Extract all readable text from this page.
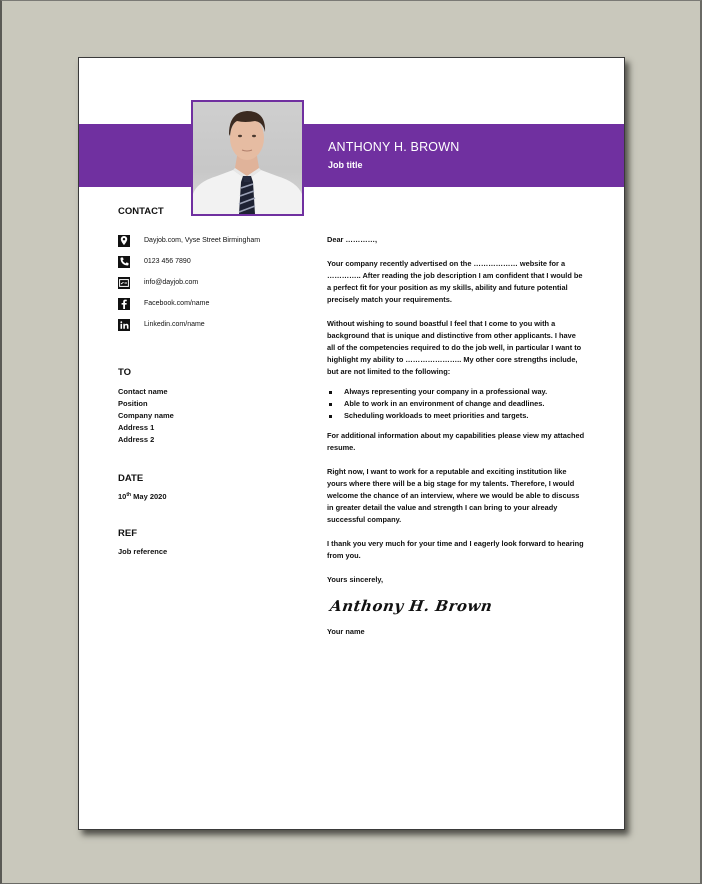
ANTHONY H. BROWN
Job title
CONTACT
Dayjob.com, Vyse Street Birmingham
0123 456 7890
info@dayjob.com
Facebook.com/name
Linkedin.com/name
TO
Contact name
Position
Company name
Address 1
Address 2
DATE
10th May 2020
REF
Job reference
Dear …………,

Your company recently advertised on the ……………… website for a ………….. After reading the job description I am confident that I would be a perfect fit for your position as my skills, ability and future potential precisely match your requirements.

Without wishing to sound boastful I feel that I come to you with a background that is unique and distinctive from other applicants. I have all of the competencies required to do the job well, in particular I want to highlight my ability to ………………….. My other core strengths include, but are not limited to the following:

Always representing your company in a professional way.
Able to work in an environment of change and deadlines.
Scheduling workloads to meet priorities and targets.

For additional information about my capabilities please view my attached resume.

Right now, I want to work for a reputable and exciting institution like yours where there will be a big stage for my talents. Therefore, I would welcome the chance of an interview, where we would be able to discuss in greater detail the value and strength I can bring to your already successful company.

I thank you very much for your time and I eagerly look forward to hearing from you.

Yours sincerely,
Anthony H. Brown
Your name
